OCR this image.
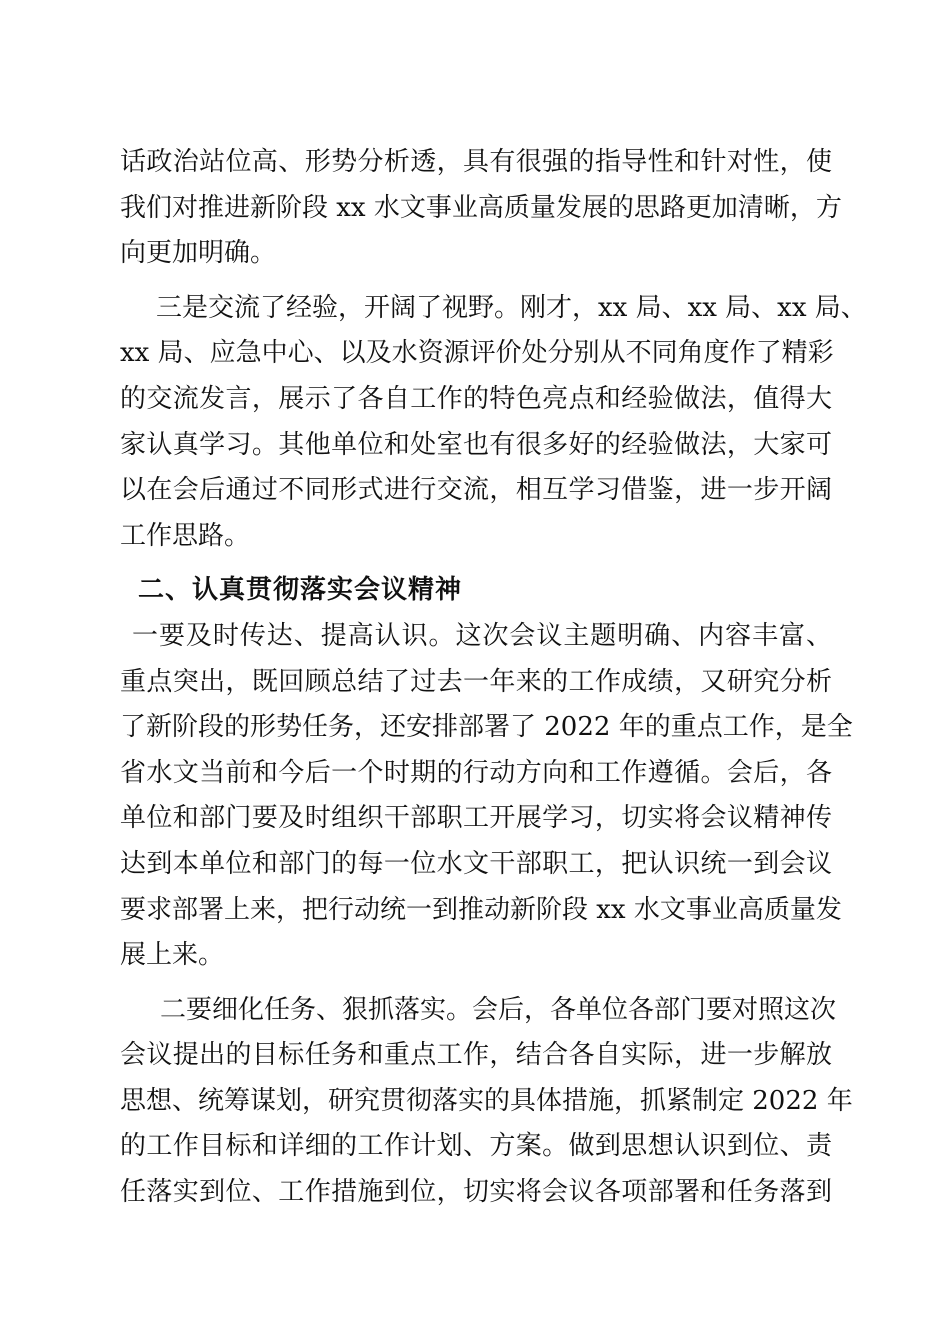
话政治站位高、形势分析透，具有很强的指导性和针对性，使
我们对推进新阶段 xx 水文事业高质量发展的思路更加清晰，方
向更加明确。
三是交流了经验，开阔了视野。刚才，xx 局、xx 局、xx 局、
xx 局、应急中心、以及水资源评价处分别从不同角度作了精彩
的交流发言，展示了各自工作的特色亮点和经验做法，值得大
家认真学习。其他单位和处室也有很多好的经验做法，大家可
以在会后通过不同形式进行交流，相互学习借鉴，进一步开阔
工作思路。
二、认真贯彻落实会议精神
一要及时传达、提高认识。这次会议主题明确、内容丰富、
重点突出，既回顾总结了过去一年来的工作成绩，又研究分析
了新阶段的形势任务，还安排部署了 2022 年的重点工作，是全
省水文当前和今后一个时期的行动方向和工作遵循。会后，各
单位和部门要及时组织干部职工开展学习，切实将会议精神传
达到本单位和部门的每一位水文干部职工，把认识统一到会议
要求部署上来，把行动统一到推动新阶段 xx 水文事业高质量发
展上来。
二要细化任务、狠抓落实。会后，各单位各部门要对照这次
会议提出的目标任务和重点工作，结合各自实际，进一步解放
思想、统筹谋划，研究贯彻落实的具体措施，抓紧制定 2022 年
的工作目标和详细的工作计划、方案。做到思想认识到位、责
任落实到位、工作措施到位，切实将会议各项部署和任务落到
